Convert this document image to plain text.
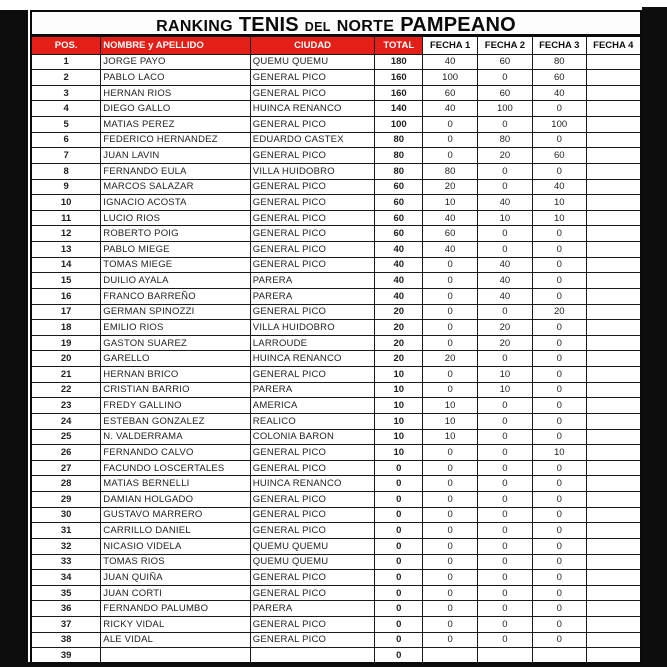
RANKING TENIS DEL NORTE PAMPEANO
POS.	NOMBRE y APELLIDO	CIUDAD	TOTAL	FECHA 1	FECHA 2	FECHA 3	FECHA 4
1	JORGE PAYO	QUEMU QUEMU	180	40	60	80	
2	PABLO LACO	GENERAL PICO	160	100	0	60	
3	HERNAN RIOS	GENERAL PICO	160	60	60	40	
4	DIEGO GALLO	HUINCA RENANCO	140	40	100	0	
5	MATIAS PEREZ	GENERAL PICO	100	0	0	100	
6	FEDERICO HERNANDEZ	EDUARDO CASTEX	80	0	80	0	
7	JUAN LAVIN	GENERAL PICO	80	0	20	60	
8	FERNANDO EULA	VILLA HUIDOBRO	80	80	0	0	
9	MARCOS SALAZAR	GENERAL PICO	60	20	0	40	
10	IGNACIO ACOSTA	GENERAL PICO	60	10	40	10	
11	LUCIO RIOS	GENERAL PICO	60	40	10	10	
12	ROBERTO POIG	GENERAL PICO	60	60	0	0	
13	PABLO MIEGE	GENERAL PICO	40	40	0	0	
14	TOMAS MIEGE	GENERAL PICO	40	0	40	0	
15	DUILIO AYALA	PARERA	40	0	40	0	
16	FRANCO BARREÑO	PARERA	40	0	40	0	
17	GERMAN SPINOZZI	GENERAL PICO	20	0	0	20	
18	EMILIO RIOS	VILLA HUIDOBRO	20	0	20	0	
19	GASTON SUAREZ	LARROUDE	20	0	20	0	
20	GARELLO	HUINCA RENANCO	20	20	0	0	
21	HERNAN BRICO	GENERAL PICO	10	0	10	0	
22	CRISTIAN BARRIO	PARERA	10	0	10	0	
23	FREDY GALLINO	AMERICA	10	10	0	0	
24	ESTEBAN GONZALEZ	REALICO	10	10	0	0	
25	N. VALDERRAMA	COLONIA BARON	10	10	0	0	
26	FERNANDO CALVO	GENERAL PICO	10	0	0	10	
27	FACUNDO LOSCERTALES	GENERAL PICO	0	0	0	0	
28	MATIAS BERNELLI	HUINCA RENANCO	0	0	0	0	
29	DAMIAN HOLGADO	GENERAL PICO	0	0	0	0	
30	GUSTAVO MARRERO	GENERAL PICO	0	0	0	0	
31	CARRILLO DANIEL	GENERAL PICO	0	0	0	0	
32	NICASIO VIDELA	QUEMU QUEMU	0	0	0	0	
33	TOMAS RIOS	QUEMU QUEMU	0	0	0	0	
34	JUAN QUIÑA	GENERAL PICO	0	0	0	0	
35	JUAN CORTI	GENERAL PICO	0	0	0	0	
36	FERNANDO PALUMBO	PARERA	0	0	0	0	
37	RICKY VIDAL	GENERAL PICO	0	0	0	0	
38	ALE VIDAL	GENERAL PICO	0	0	0	0	
39			0				
